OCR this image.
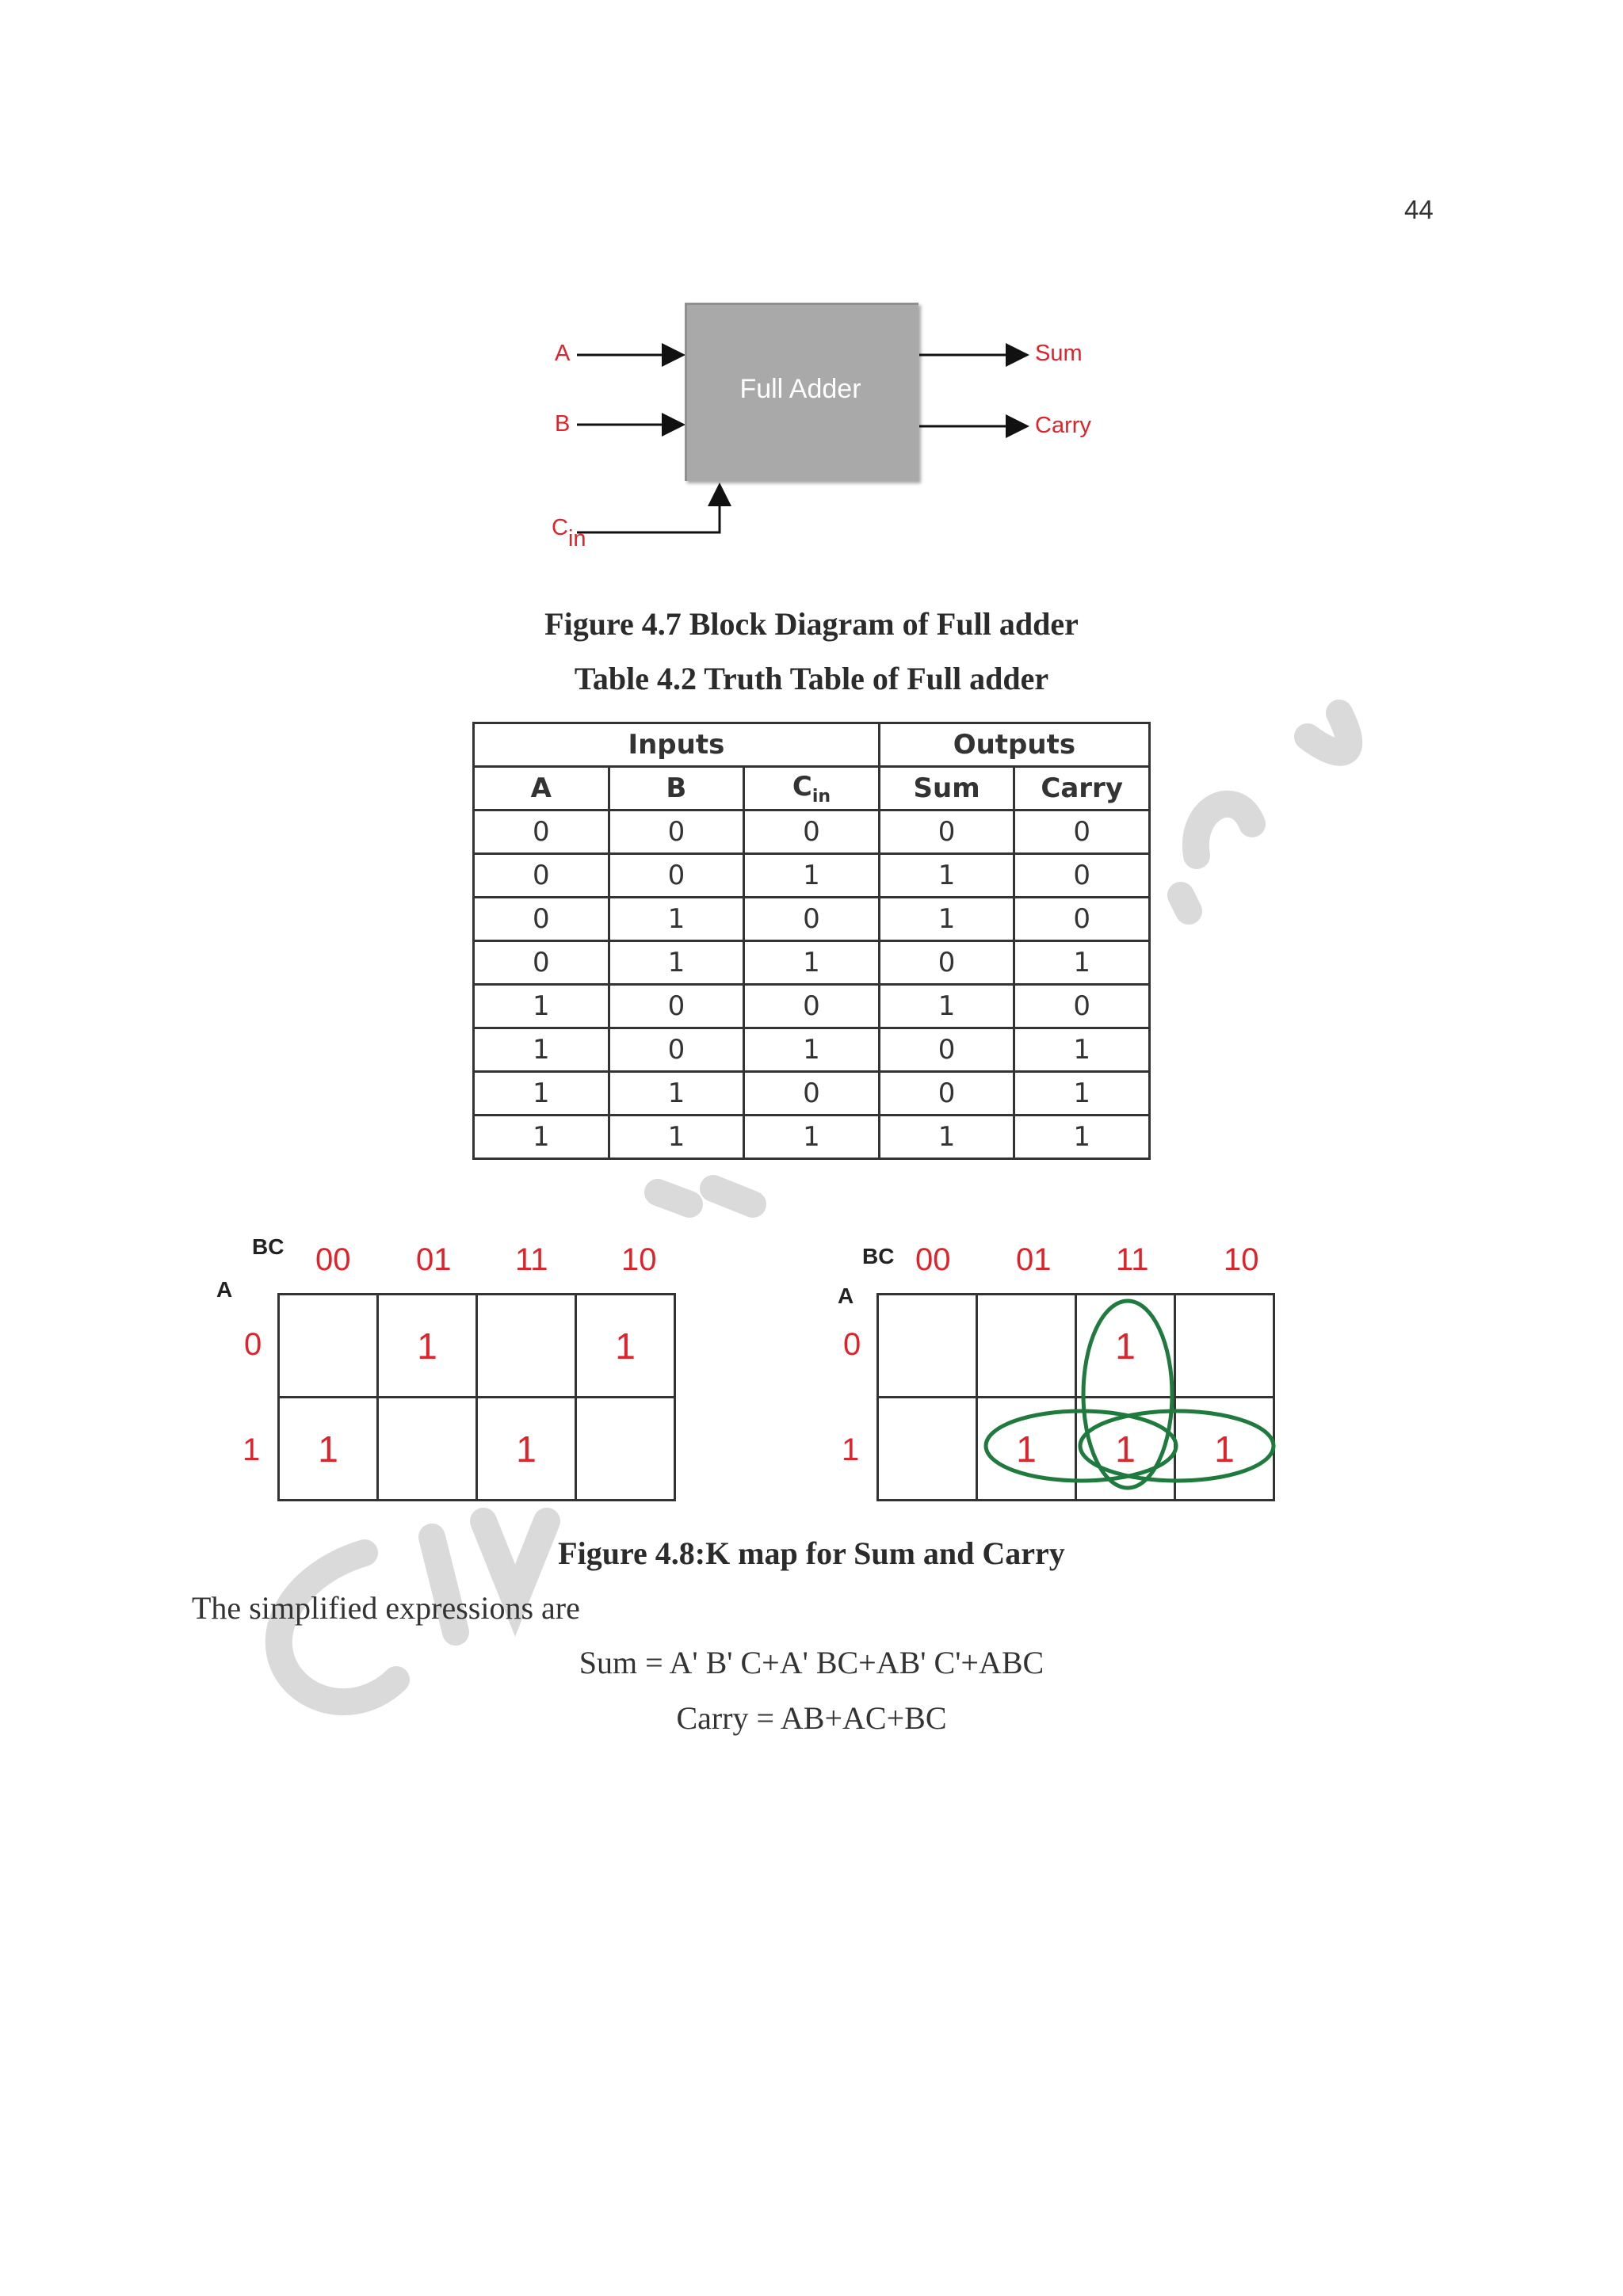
44
Full Adder
A
B
Cin
Sum
Carry
Figure 4.7 Block Diagram of Full adder
Table 4.2 Truth Table of Full adder
Inputs			Outputs	
A	B	$C_{in}$	Sum	Carry
0	0	0	0	0
0	0	1	1	0
0	1	0	1	0
0	1	1	0	1
1	0	0	1	0
1	0	1	0	1
1	1	0	0	1
1	1	1	1	1
BC
A
00 01 11 10
0
1
	1		1
1		1	
BC
A
00 01 11 10
0
1
		1	
	1	1	1
Figure 4.8:K map for Sum and Carry
The simplified expressions are
Sum = A' B' C+A' BC+AB' C'+ABC
Carry = AB+AC+BC
